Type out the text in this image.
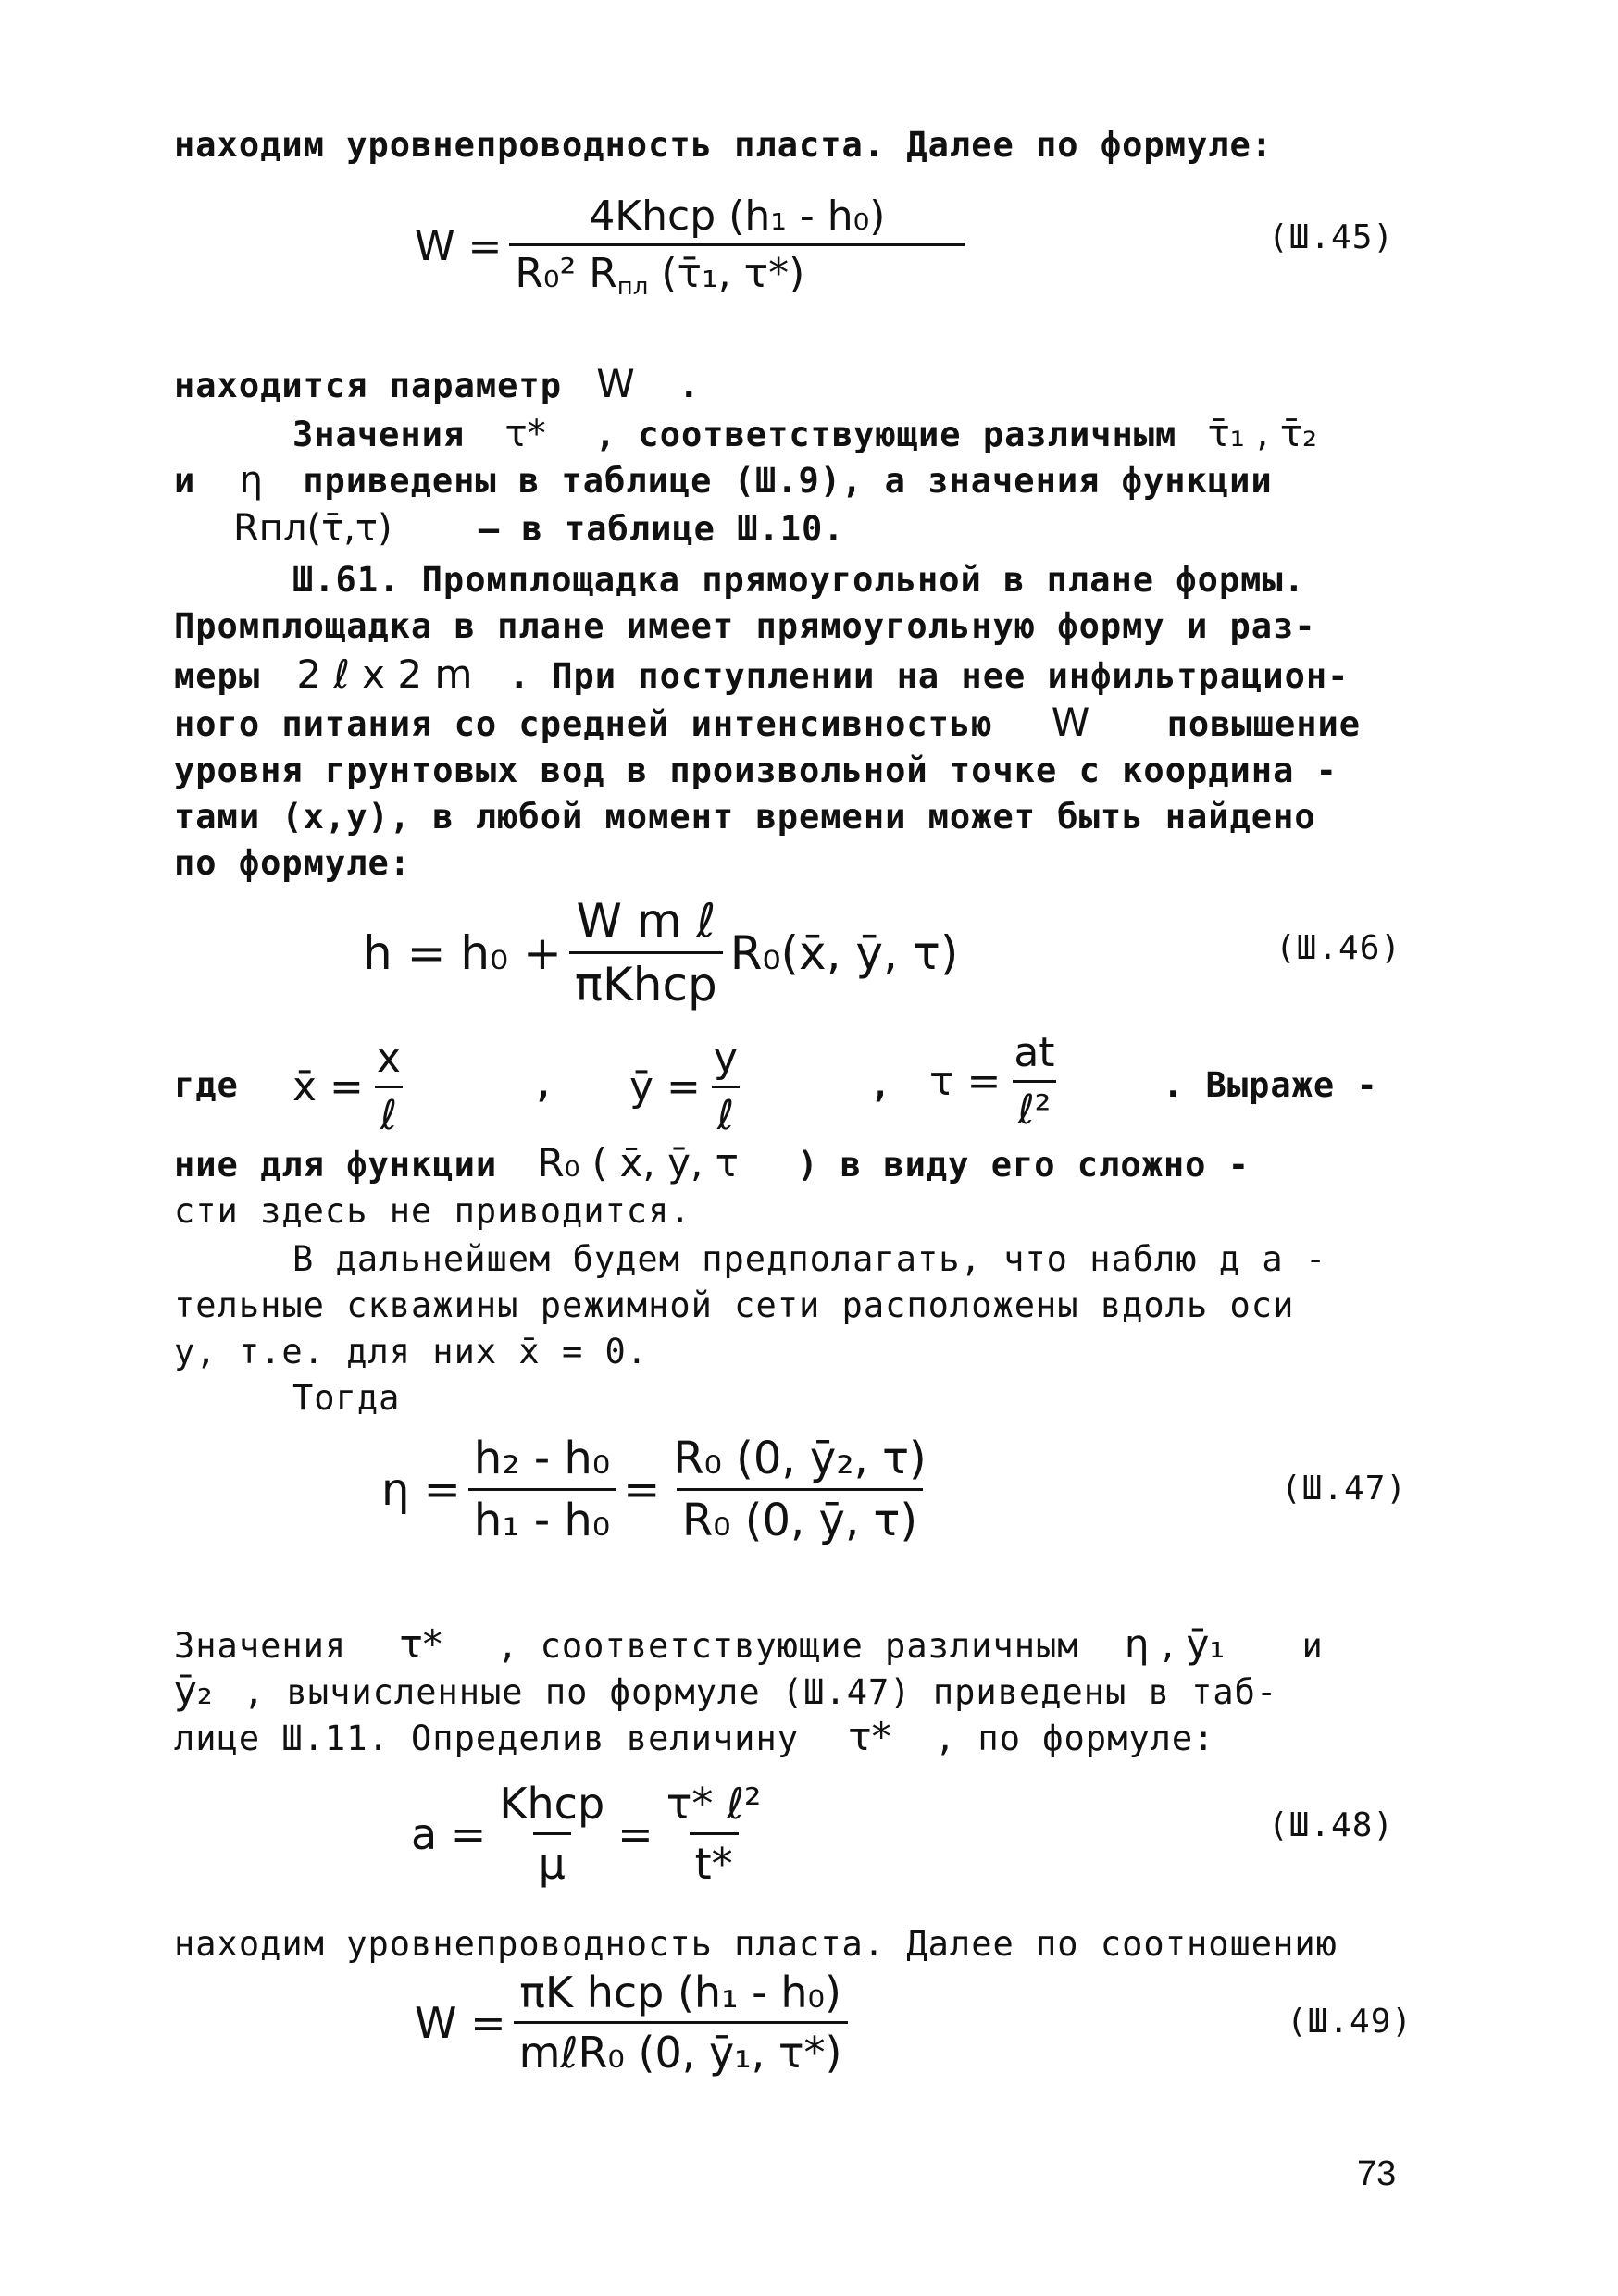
находим уровнепроводность пласта. Далее по формуле:
$W = \frac{\text{4Khср (h₁ - h₀)}}{R_0^2 R_{пл} (\taū_1, \tau*)}$	(Ш.45)
находится параметр W .
Значения τ* , соответствующие различным τ̄₁ , τ̄₂
и η приведены в таблице (Ш.9), а значения функции
Rпл(τ̄,τ)	– в таблице Ш.10.
Ш.61. Промплощадка прямоугольной в плане формы.
Промплощадка в плане имеет прямоугольную форму и раз-
меры 2 ℓ x 2 m . При поступлении на нее инфильтрацион-
ного питания со средней интенсивностью W повышение
уровня грунтовых вод в произвольной точке с координа -
тами (x,y), в любой момент времени может быть найдено
по формуле:
$h = h_0 + \frac{\text{W m ℓ}}{\text{πKhср}}$ R₀(x̄, ȳ, τ)	(Ш.46)
где	x̄ = $\frac{x}{\text{ℓ}}$	,	ȳ = $\frac{y}{\text{ℓ}}$	, $\tau = \frac{at}{\text{ℓ²}}$	. Выраже -
ние для функции R₀ ( x̄, ȳ, τ ) в виду его сложно -
сти здесь не приводится.
В дальнейшем будем предполагать, что наблю д а -
тельные скважины режимной сети расположены вдоль оси
у, т.е. для них x̄ = 0.
Тогда
$\eta = \frac{\text{h₂ - h₀}}{\text{h₁ - h₀}} = \frac{\text{R₀ (0, ȳ₂, τ)}}{\text{R₀ (0, ȳ, τ)}}$	(Ш.47)
Значения τ* , соответствующие различным η , ȳ₁ и
ȳ₂ , вычисленные по формуле (Ш.47) приведены в таб-
лице Ш.11. Определив величину τ* , по формуле:
$a = \frac{\text{Khср}}{\mu} = \frac{\text{τ* ℓ²}}{t*}$	(Ш.48)
находим уровнепроводность пласта. Далее по соотношению
$W = \frac{\text{πK hср (h₁ - h₀)}}{\text{mℓR₀ (0, ȳ₁, τ*)}}$	(Ш.49)
73
